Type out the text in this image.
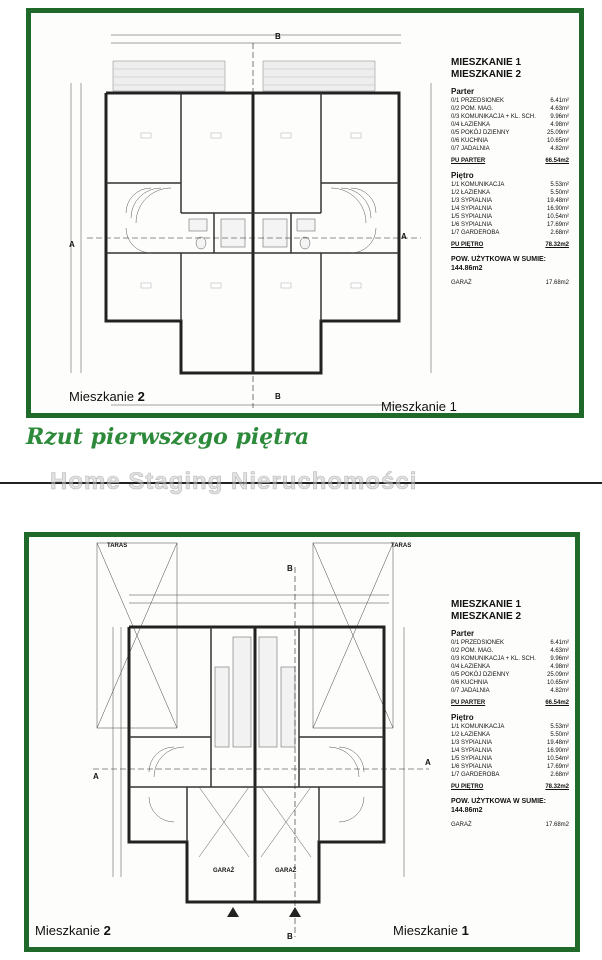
A
A
B
B
MIESZKANIE 1
MIESZKANIE 2
Parter
0/1 PRZEDSIONEK	6.41m²
0/2 POM. MAG.	4.63m²
0/3 KOMUNIKACJA + KL. SCH. 9.96m²
0/4 ŁAZIENKA	4.98m²
0/5 POKÓJ DZIENNY	25.09m²
0/6 KUCHNIA	10.65m²
0/7 JADALNIA	4.82m²
PU PARTER	66.54m2
Piętro
1/1 KOMUNIKACJA	5.53m²
1/2 ŁAZIENKA	5.50m²
1/3 SYPIALNIA	19.48m²
1/4 SYPIALNIA	16.90m²
1/5 SYPIALNIA	10.54m²
1/6 SYPIALNIA	17.69m²
1/7 GARDEROBA	2.68m²
PU PIĘTRO	78.32m2
POW. UŻYTKOWA W SUMIE:
144.86m2
GARAŻ	17.68m2
Mieszkanie 2
Mieszkanie 1
Rzut pierwszego piętra
Home Staging Nieruchomości
TARAS	TARAS
GARAŻ	GARAŻ
A
A
B
B
MIESZKANIE 1
MIESZKANIE 2
Parter
0/1 PRZEDSIONEK	6.41m²
0/2 POM. MAG.	4.63m²
0/3 KOMUNIKACJA + KL. SCH. 9.96m²
0/4 ŁAZIENKA	4.98m²
0/5 POKÓJ DZIENNY	25.09m²
0/6 KUCHNIA	10.65m²
0/7 JADALNIA	4.82m²
PU PARTER	66.54m2
Piętro
1/1 KOMUNIKACJA	5.53m²
1/2 ŁAZIENKA	5.50m²
1/3 SYPIALNIA	19.48m²
1/4 SYPIALNIA	16.90m²
1/5 SYPIALNIA	10.54m²
1/6 SYPIALNIA	17.69m²
1/7 GARDEROBA	2.68m²
PU PIĘTRO	78.32m2
POW. UŻYTKOWA W SUMIE:
144.86m2
GARAŻ	17.68m2
Mieszkanie 2	Mieszkanie 1
